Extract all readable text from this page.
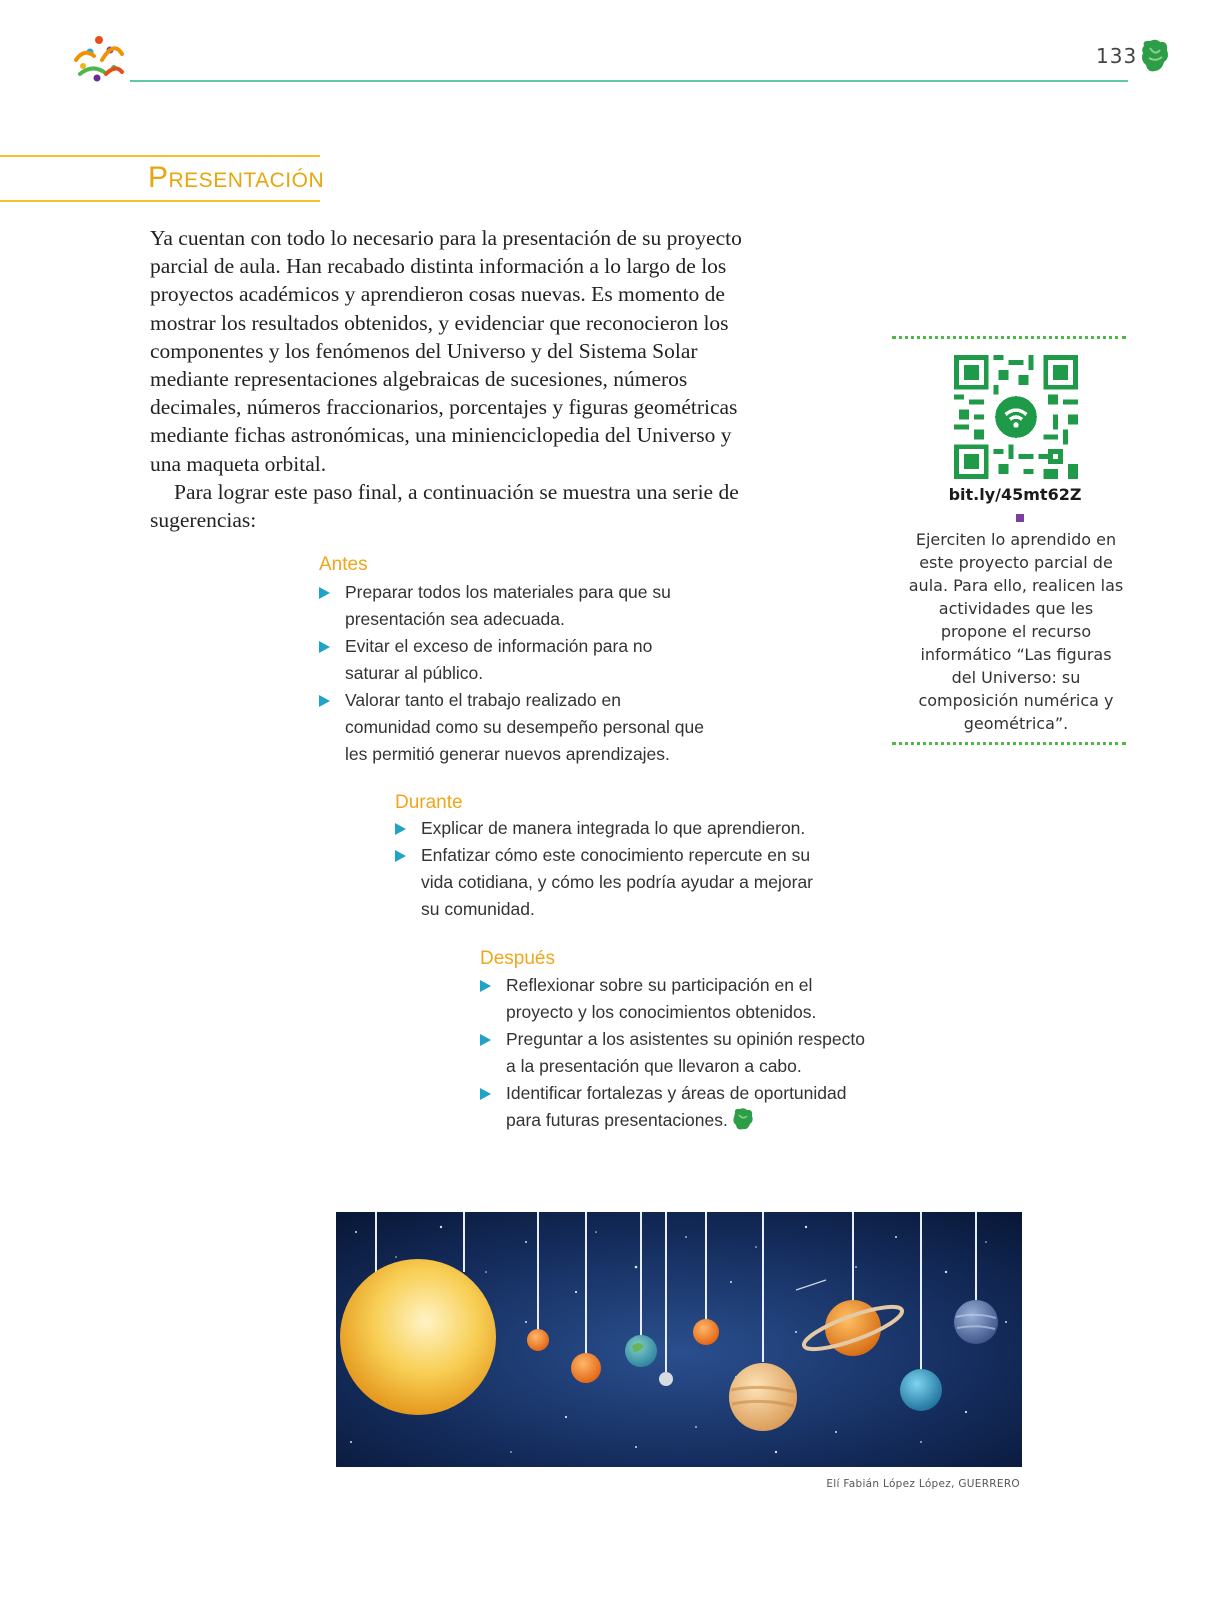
133
Presentación

Ya cuentan con todo lo necesario para la presentación de su proyecto parcial de aula. Han recabado distinta información a lo largo de los proyectos académicos y aprendieron cosas nuevas. Es momento de mostrar los resultados obtenidos, y evidenciar que reconocieron los componentes y los fenómenos del Universo y del Sistema Solar mediante representaciones algebraicas de sucesiones, números decimales, números fraccionarios, porcentajes y figuras geométricas mediante fichas astronómicas, una minienciclopedia del Universo y una maqueta orbital.

Para lograr este paso final, a continuación se muestra una serie de sugerencias:

Antes
Preparar todos los materiales para que su presentación sea adecuada.
Evitar el exceso de información para no saturar al público.
Valorar tanto el trabajo realizado en comunidad como su desempeño personal que les permitió generar nuevos aprendizajes.
Durante
Explicar de manera integrada lo que aprendieron.
Enfatizar cómo este conocimiento repercute en su vida cotidiana, y cómo les podría ayudar a mejorar su comunidad.
Después
Reflexionar sobre su participación en el proyecto y los conocimientos obtenidos.
Preguntar a los asistentes su opinión respecto a la presentación que llevaron a cabo.
Identificar fortalezas y áreas de oportunidad para futuras presentaciones.
bit.ly/45mt62Z

Ejerciten lo aprendido en este proyecto parcial de aula. Para ello, realicen las actividades que les propone el recurso informático “Las figuras del Universo: su composición numérica y geométrica”.

Elí Fabián López López, GUERRERO
